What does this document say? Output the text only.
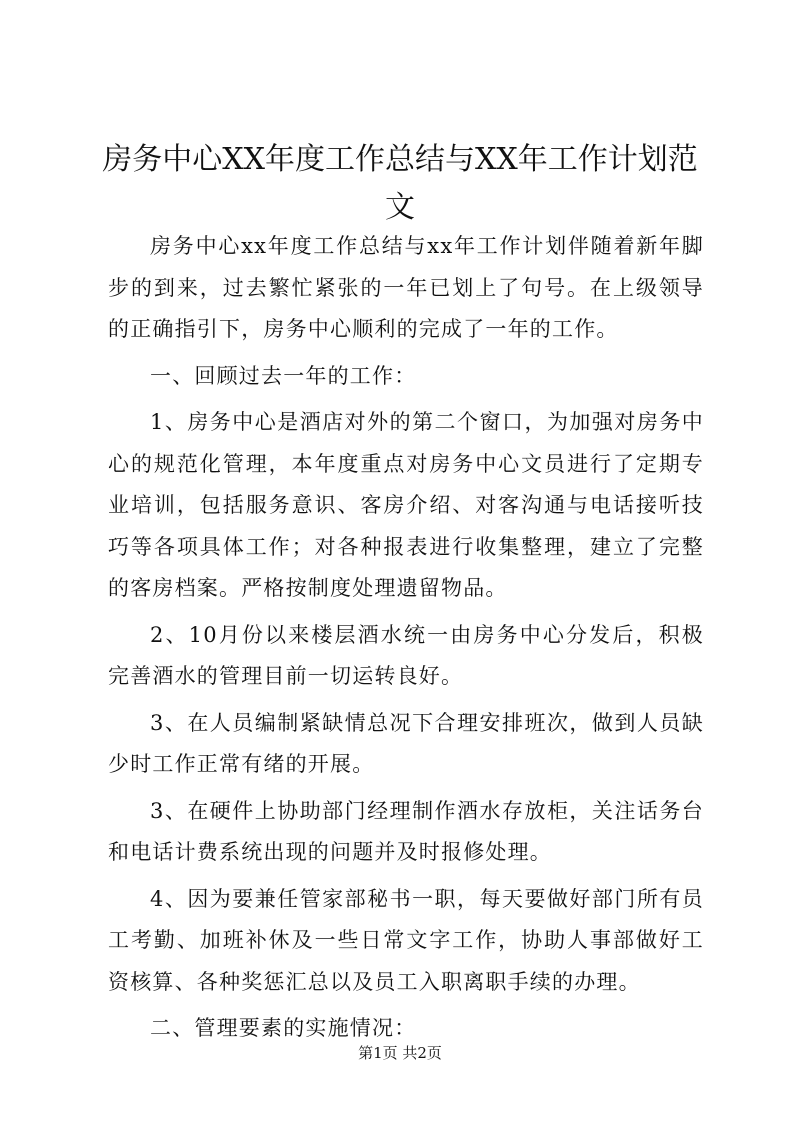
房务中心XX年度工作总结与XX年工作计划范文

房务中心xx年度工作总结与xx年工作计划伴随着新年脚步的到来，过去繁忙紧张的一年已划上了句号。在上级领导的正确指引下，房务中心顺利的完成了一年的工作。

一、回顾过去一年的工作：

1、房务中心是酒店对外的第二个窗口，为加强对房务中心的规范化管理，本年度重点对房务中心文员进行了定期专业培训，包括服务意识、客房介绍、对客沟通与电话接听技巧等各项具体工作；对各种报表进行收集整理，建立了完整的客房档案。严格按制度处理遗留物品。

2、10月份以来楼层酒水统一由房务中心分发后，积极完善酒水的管理目前一切运转良好。

3、在人员编制紧缺情总况下合理安排班次，做到人员缺少时工作正常有绪的开展。

3、在硬件上协助部门经理制作酒水存放柜，关注话务台和电话计费系统出现的问题并及时报修处理。

4、因为要兼任管家部秘书一职，每天要做好部门所有员工考勤、加班补休及一些日常文字工作，协助人事部做好工资核算、各种奖惩汇总以及员工入职离职手续的办理。

二、管理要素的实施情况：

第1页 共2页
